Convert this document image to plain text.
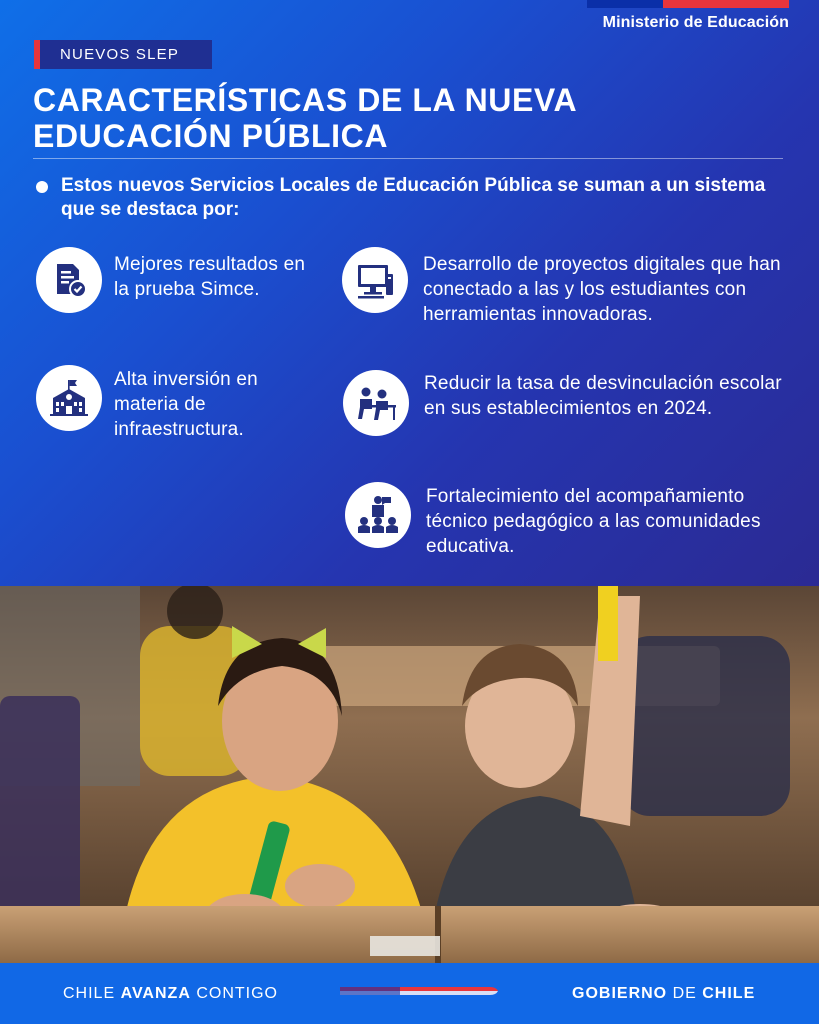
Ministerio de Educación
NUEVOS SLEP
CARACTERÍSTICAS DE LA NUEVA
EDUCACIÓN PÚBLICA
Estos nuevos Servicios Locales de Educación Pública se suman a un sistema que se destaca por:
Mejores resultados en la prueba Simce.
Alta inversión en materia de infraestructura.
Desarrollo de proyectos digitales que han conectado a las y los estudiantes con herramientas innovadoras.
Reducir la tasa de desvinculación escolar en sus establecimientos en 2024.
Fortalecimiento del acompañamiento técnico pedagógico a las comunidades educativa.
CHILE AVANZA CONTIGO	GOBIERNO DE CHILE
